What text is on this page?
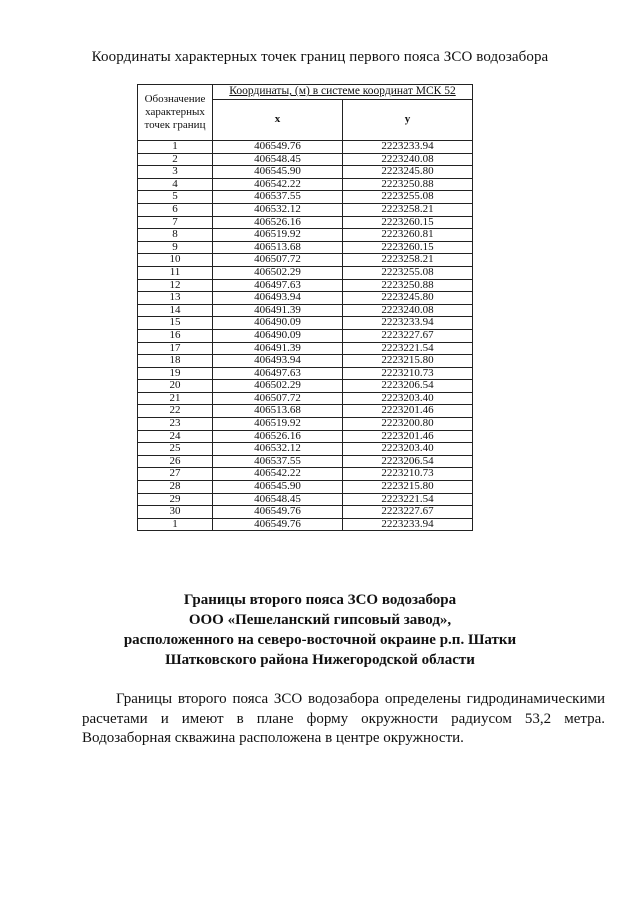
Координаты характерных точек границ первого пояса ЗСО водозабора
Обозначение характерных точек границ	Координаты, (м) в системе координат МСК 52	
	х	у
1	406549.76	2223233.94
2	406548.45	2223240.08
3	406545.90	2223245.80
4	406542.22	2223250.88
5	406537.55	2223255.08
6	406532.12	2223258.21
7	406526.16	2223260.15
8	406519.92	2223260.81
9	406513.68	2223260.15
10	406507.72	2223258.21
11	406502.29	2223255.08
12	406497.63	2223250.88
13	406493.94	2223245.80
14	406491.39	2223240.08
15	406490.09	2223233.94
16	406490.09	2223227.67
17	406491.39	2223221.54
18	406493.94	2223215.80
19	406497.63	2223210.73
20	406502.29	2223206.54
21	406507.72	2223203.40
22	406513.68	2223201.46
23	406519.92	2223200.80
24	406526.16	2223201.46
25	406532.12	2223203.40
26	406537.55	2223206.54
27	406542.22	2223210.73
28	406545.90	2223215.80
29	406548.45	2223221.54
30	406549.76	2223227.67
1	406549.76	2223233.94
Границы второго пояса ЗСО водозабора
ООО «Пешеланский гипсовый завод»,
расположенного на северо-восточной окраине р.п. Шатки
Шатковского района Нижегородской области

Границы второго пояса ЗСО водозабора определены гидродинамическими расчетами и имеют в плане форму окружности радиусом 53,2 метра. Водозаборная скважина расположена в центре окружности.
